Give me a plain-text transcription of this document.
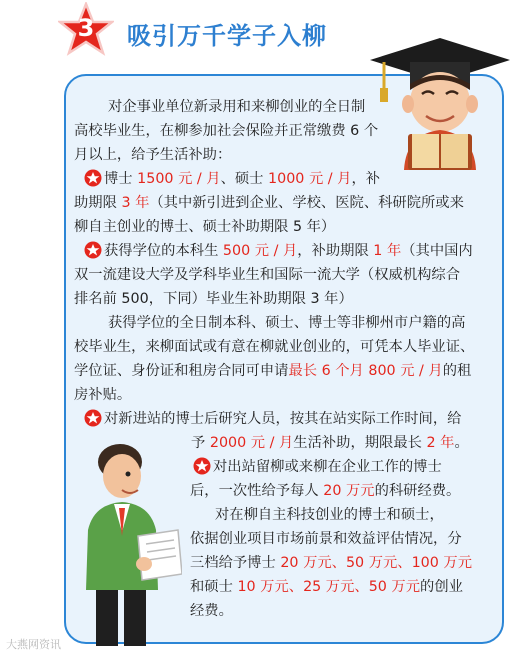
3	吸引万千学子入柳
对企事业单位新录用和来柳创业的全日制
高校毕业生，在柳参加社会保险并正常缴费 6 个
月以上，给予生活补助：
博士 1500 元 / 月、硕士 1000 元 / 月，补
助期限 3 年（其中新引进到企业、学校、医院、科研院所或来
柳自主创业的博士、硕士补助期限 5 年）
获得学位的本科生 500 元 / 月，补助期限 1 年（其中国内
双一流建设大学及学科毕业生和国际一流大学（权威机构综合
排名前 500，下同）毕业生补助期限 3 年）
获得学位的全日制本科、硕士、博士等非柳州市户籍的高
校毕业生，来柳面试或有意在柳就业创业的，可凭本人毕业证、
学位证、身份证和租房合同可申请最长 6 个月 800 元 / 月的租
房补贴。
对新进站的博士后研究人员，按其在站实际工作时间，给
予 2000 元 / 月生活补助，期限最长 2 年。
对出站留柳或来柳在企业工作的博士
后，一次性给予每人 20 万元的科研经费。
对在柳自主科技创业的博士和硕士，
依据创业项目市场前景和效益评估情况，分
三档给予博士 20 万元、50 万元、100 万元
和硕士 10 万元、25 万元、50 万元的创业
经费。
大燕网资讯
